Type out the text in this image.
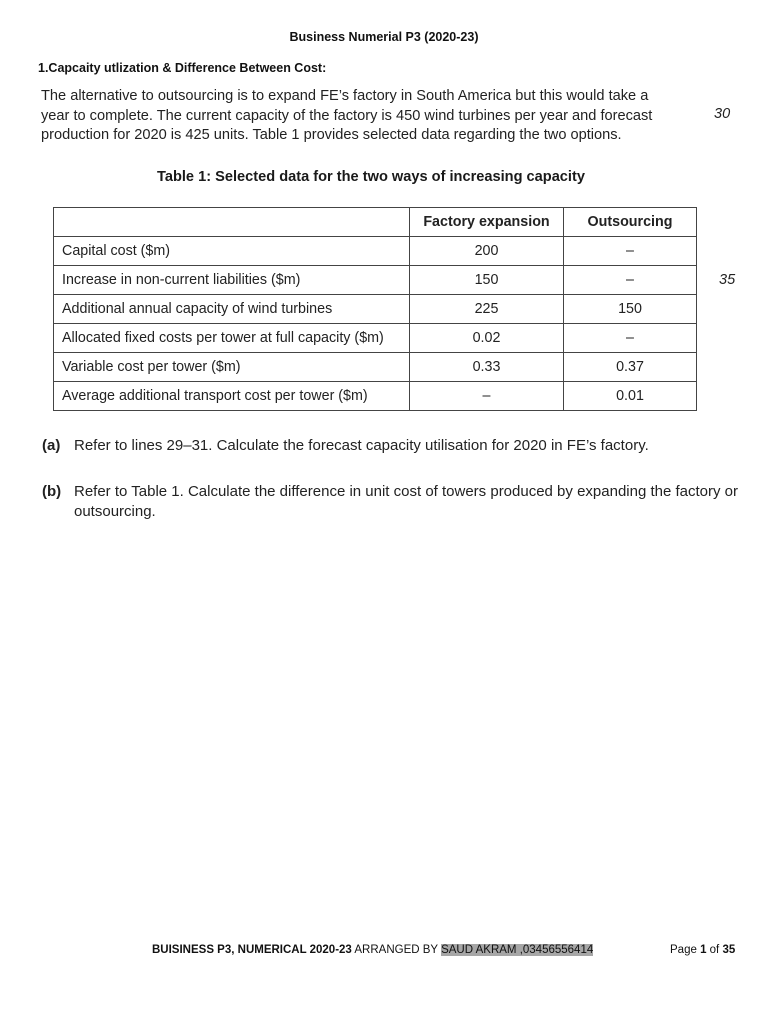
Business Numerial P3 (2020-23)
1.Capcaity utlization & Difference Between Cost:
The alternative to outsourcing is to expand FE’s factory in South America but this would take a
year to complete. The current capacity of the factory is 450 wind turbines per year and forecast
production for 2020 is 425 units. Table 1 provides selected data regarding the two options.
30
Table 1: Selected data for the two ways of increasing capacity
	Factory expansion	Outsourcing
Capital cost ($m)	200	–
Increase in non-current liabilities ($m)	150	–
Additional annual capacity of wind turbines	225	150
Allocated fixed costs per tower at full capacity ($m)	0.02	–
Variable cost per tower ($m)	0.33	0.37
Average additional transport cost per tower ($m)	–	0.01
35
(a) Refer to lines 29–31. Calculate the forecast capacity utilisation for 2020 in FE’s factory.
(b) Refer to Table 1. Calculate the difference in unit cost of towers produced by expanding the factory or outsourcing.
BUISINESS P3, NUMERICAL 2020-23 ARRANGED BY SAUD AKRAM ,03456556414	Page 1 of 35
